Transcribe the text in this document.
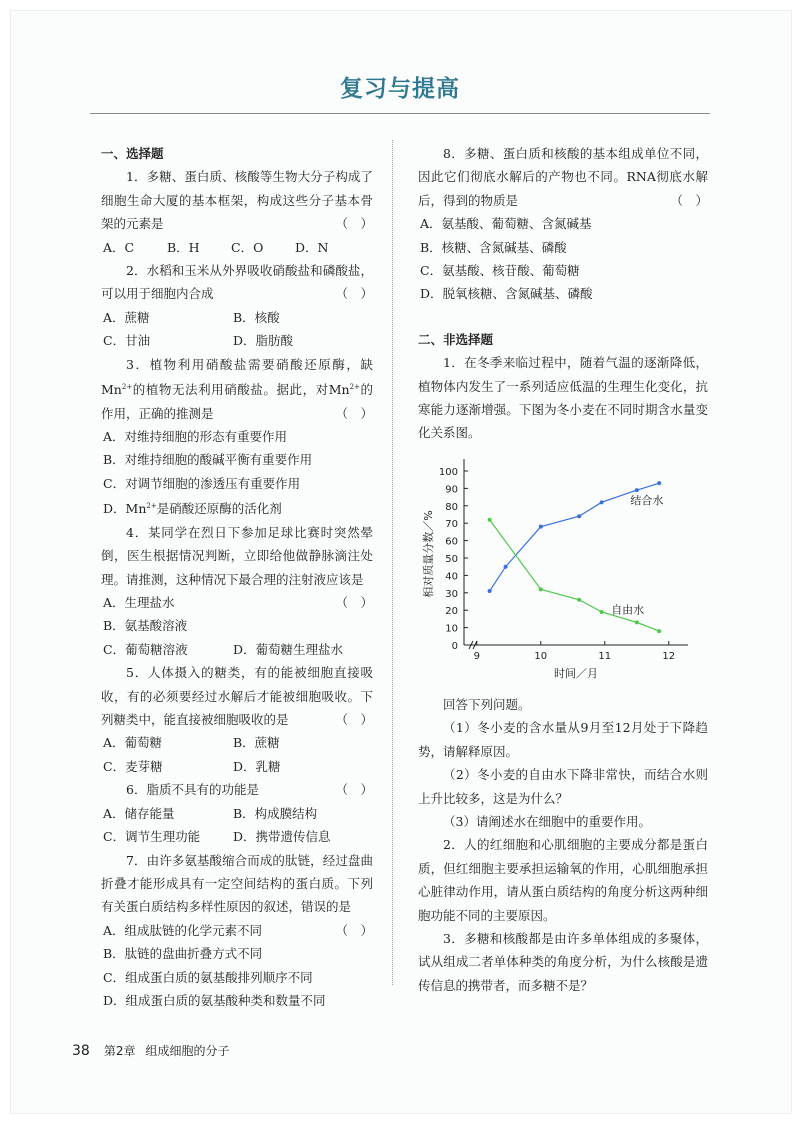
复习与提高

一、选择题

1．多糖、蛋白质、核酸等生物大分子构成了细胞生命大厦的基本框架，构成这些分子基本骨架的元素是	（　）

A．C	B．H	C．O	D．N

2．水稻和玉米从外界吸收硝酸盐和磷酸盐，可以用于细胞内合成	（　）

A．蔗糖	B．核酸

C．甘油	D．脂肪酸

3．植物利用硝酸盐需要硝酸还原酶，缺$Mn^{2+}$的植物无法利用硝酸盐。据此，对$Mn^{2+}$的作用，正确的推测是	（　）

A．对维持细胞的形态有重要作用

B．对维持细胞的酸碱平衡有重要作用

C．对调节细胞的渗透压有重要作用

D．$Mn^{2+}$是硝酸还原酶的活化剂

4．某同学在烈日下参加足球比赛时突然晕倒，医生根据情况判断，立即给他做静脉滴注处理。请推测，这种情况下最合理的注射液应该是
（　）

A．生理盐水B．氨基酸溶液

C．葡萄糖溶液	D．葡萄糖生理盐水

5．人体摄入的糖类，有的能被细胞直接吸收，有的必须要经过水解后才能被细胞吸收。下列糖类中，能直接被细胞吸收的是	（　）

A．葡萄糖	B．蔗糖

C．麦芽糖	D．乳糖

6．脂质不具有的功能是	（　）

A．储存能量	B．构成膜结构

C．调节生理功能	D．携带遗传信息

7．由许多氨基酸缩合而成的肽链，经过盘曲折叠才能形成具有一定空间结构的蛋白质。下列有关蛋白质结构多样性原因的叙述，错误的是
（　）

A．组成肽链的化学元素不同

B．肽链的盘曲折叠方式不同

C．组成蛋白质的氨基酸排列顺序不同

D．组成蛋白质的氨基酸种类和数量不同

8．多糖、蛋白质和核酸的基本组成单位不同，因此它们彻底水解后的产物也不同。RNA彻底水解后，得到的物质是	（　）

A．氨基酸、葡萄糖、含氮碱基

B．核糖、含氮碱基、磷酸

C．氨基酸、核苷酸、葡萄糖

D．脱氧核糖、含氮碱基、磷酸

二、非选择题

1．在冬季来临过程中，随着气温的逐渐降低，植物体内发生了一系列适应低温的生理生化变化，抗寒能力逐渐增强。下图为冬小麦在不同时期含水量变化关系图。

0
10
20
30
40
50
60
70
80
90
100
9	10	11	12
时间／月
相对质量分数／%
结合水
自由水

回答下列问题。

（1）冬小麦的含水量从9月至12月处于下降趋势，请解释原因。

（2）冬小麦的自由水下降非常快，而结合水则上升比较多，这是为什么？

（3）请阐述水在细胞中的重要作用。

2．人的红细胞和心肌细胞的主要成分都是蛋白质，但红细胞主要承担运输氧的作用，心肌细胞承担心脏律动作用，请从蛋白质结构的角度分析这两种细胞功能不同的主要原因。

3．多糖和核酸都是由许多单体组成的多聚体，试从组成二者单体种类的角度分析，为什么核酸是遗传信息的携带者，而多糖不是？

38 第2章 组成细胞的分子
